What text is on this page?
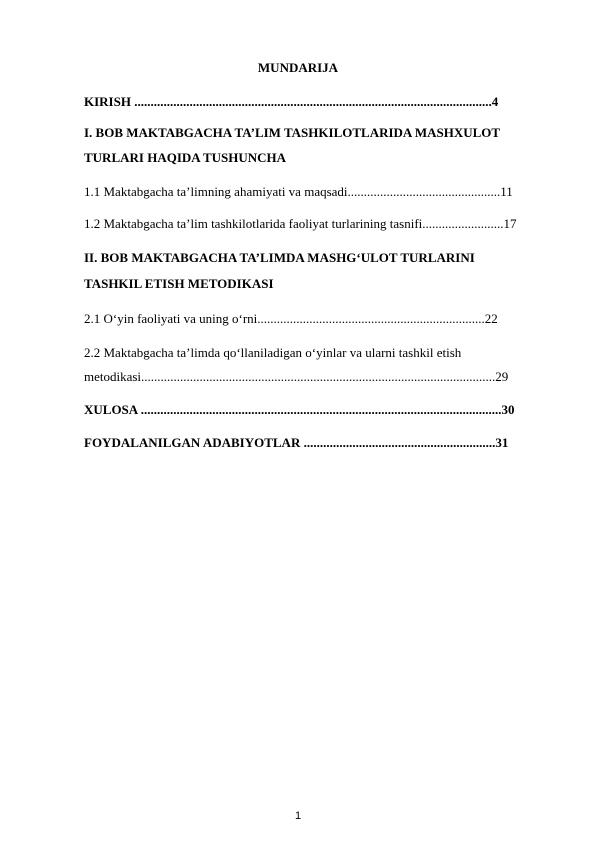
MUNDARIJA
KIRISH ..............................................................................................................4
I. BOB MAKTABGACHA TA’LIM TASHKILOTLARIDA MASHXULOT
TURLARI HAQIDA TUSHUNCHA
1.1 Maktabgacha ta’limning ahamiyati va maqsadi...............................................11
1.2 Maktabgacha ta’lim tashkilotlarida faoliyat turlarining tasnifi.........................17
II. BOB MAKTABGACHA TA’LIMDA MASHG‘ULOT TURLARINI
TASHKIL ETISH METODIKASI
2.1 O‘yin faoliyati va uning o‘rni......................................................................22
2.2 Maktabgacha ta’limda qo‘llaniladigan o‘yinlar va ularni tashkil etish
metodikasi.............................................................................................................29
XULOSA ...............................................................................................................30
FOYDALANILGAN ADABIYOTLAR ...........................................................31
1
